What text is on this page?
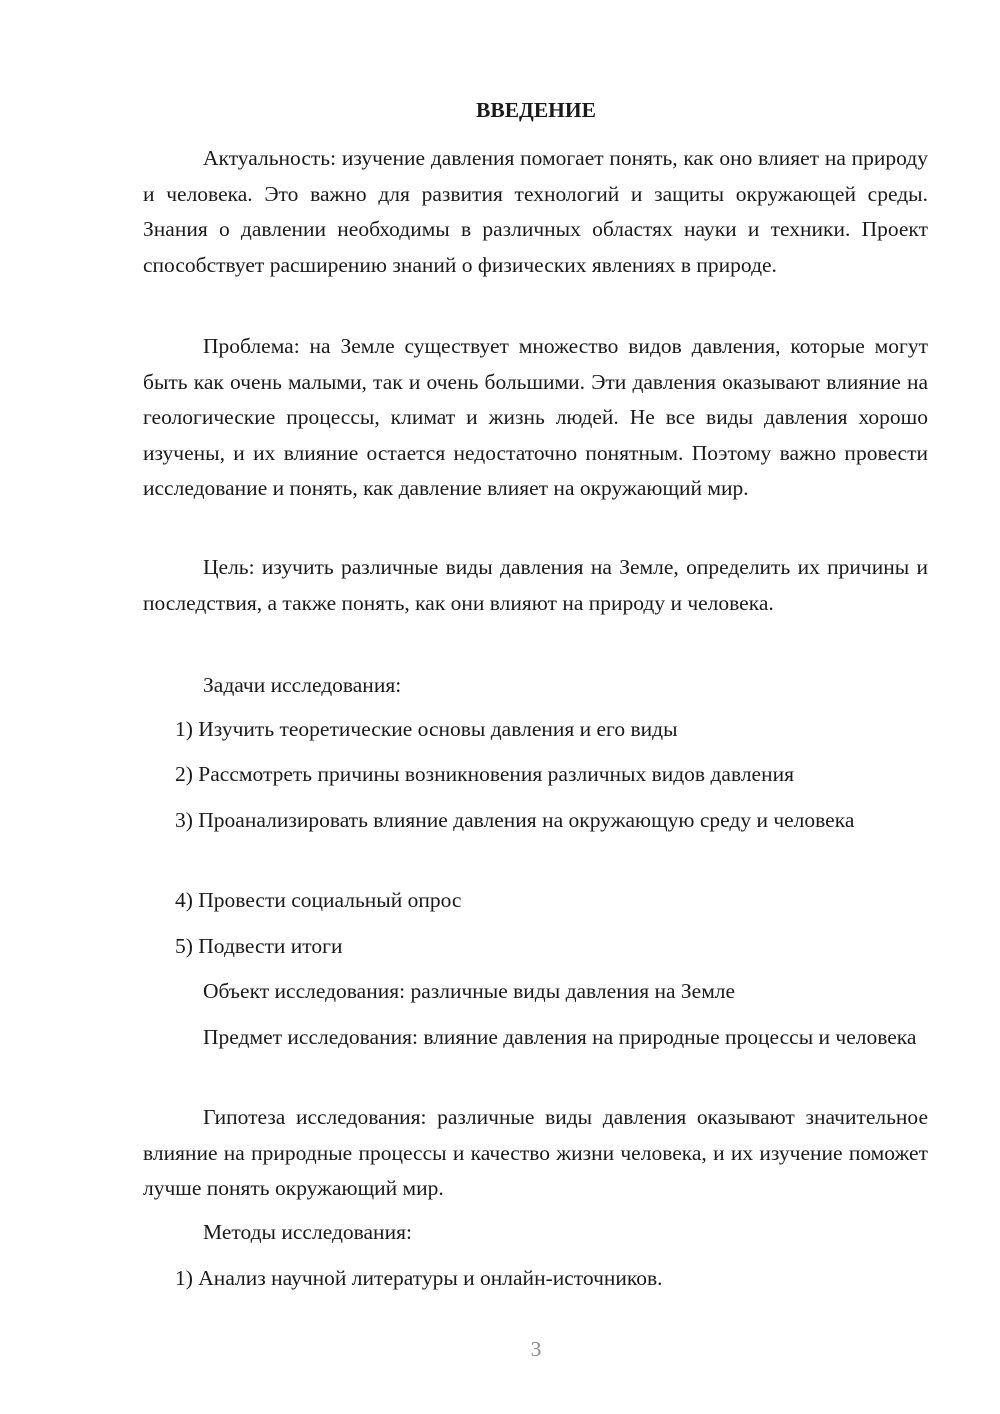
ВВЕДЕНИЕ

Актуальность: изучение давления помогает понять, как оно влияет на природу и человека. Это важно для развития технологий и защиты окружающей среды. Знания о давлении необходимы в различных областях науки и техники. Проект способствует расширению знаний о физических явлениях в природе.

Проблема: на Земле существует множество видов давления, которые могут быть как очень малыми, так и очень большими. Эти давления оказывают влияние на геологические процессы, климат и жизнь людей. Не все виды давления хорошо изучены, и их влияние остается недостаточно понятным. Поэтому важно провести исследование и понять, как давление влияет на окружающий мир.

Цель: изучить различные виды давления на Земле, определить их причины и последствия, а также понять, как они влияют на природу и человека.

Задачи исследования:

1) Изучить теоретические основы давления и его виды

2) Рассмотреть причины возникновения различных видов давления

3) Проанализировать влияние давления на окружающую среду и человека

4) Провести социальный опрос

5) Подвести итоги

Объект исследования: различные виды давления на Земле

Предмет исследования: влияние давления на природные процессы и человека

Гипотеза исследования: различные виды давления оказывают значительное влияние на природные процессы и качество жизни человека, и их изучение поможет лучше понять окружающий мир.

Методы исследования:

1) Анализ научной литературы и онлайн-источников.

3
